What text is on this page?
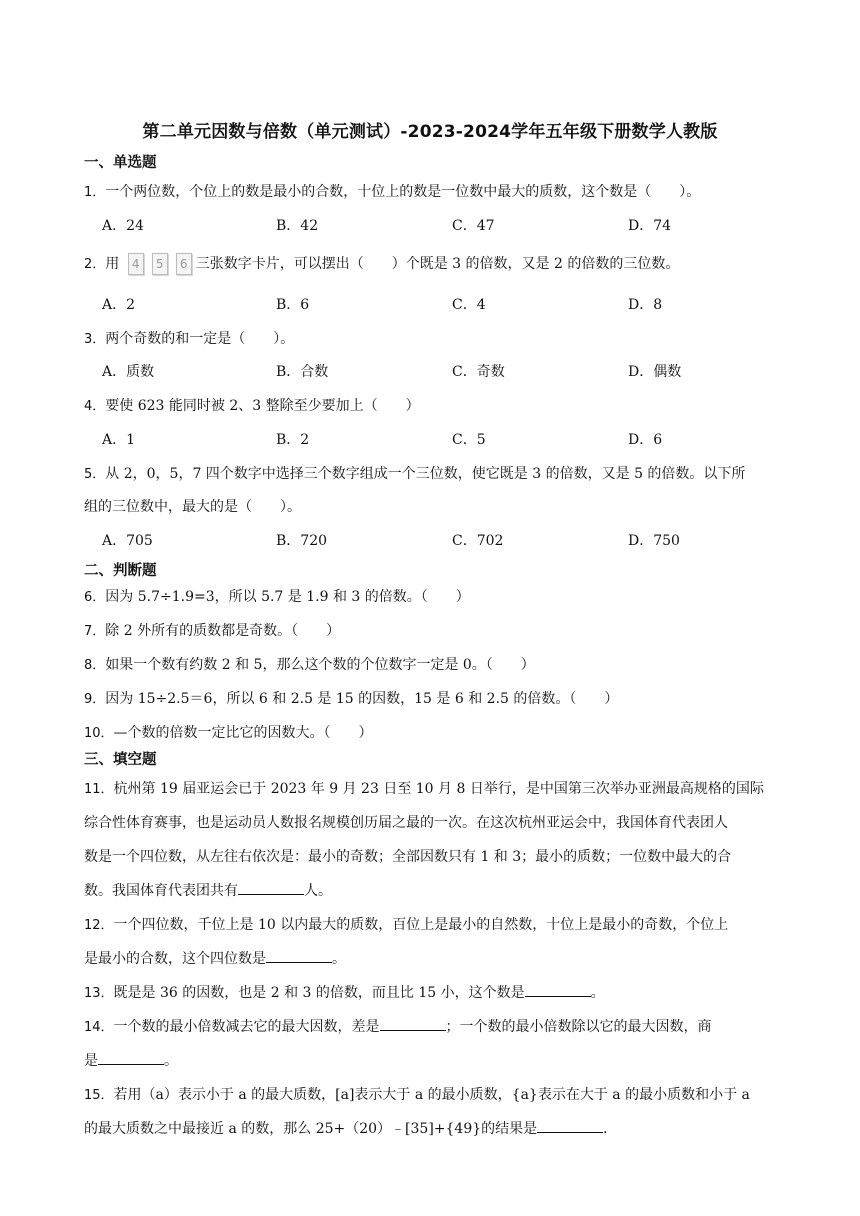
第二单元因数与倍数（单元测试）-2023-2024学年五年级下册数学人教版
一、单选题
1．一个两位数，个位上的数是最小的合数，十位上的数是一位数中最大的质数，这个数是（　　）。
A．24	B．42	C．47	D．74
2．用 4 5 6 三张数字卡片，可以摆出（　　）个既是 3 的倍数，又是 2 的倍数的三位数。
A．2	B．6	C．4	D．8
3．两个奇数的和一定是（　　）。
A．质数	B．合数	C．奇数	D．偶数
4．要使 623 能同时被 2、3 整除至少要加上（　　）
A．1	B．2	C．5	D．6
5．从 2，0，5，7 四个数字中选择三个数字组成一个三位数，使它既是 3 的倍数，又是 5 的倍数。以下所
组的三位数中，最大的是（　　）。
A．705	B．720	C．702	D．750
二、判断题
6．因为 5.7÷1.9=3，所以 5.7 是 1.9 和 3 的倍数。（　　）
7．除 2 外所有的质数都是奇数。（　　）
8．如果一个数有约数 2 和 5，那么这个数的个位数字一定是 0。（　　）
9．因为 15÷2.5＝6，所以 6 和 2.5 是 15 的因数，15 是 6 和 2.5 的倍数。（　　）
10．—个数的倍数一定比它的因数大。（　　）
三、填空题
11．杭州第 19 届亚运会已于 2023 年 9 月 23 日至 10 月 8 日举行，是中国第三次举办亚洲最高规格的国际
综合性体育赛事，也是运动员人数报名规模创历届之最的一次。在这次杭州亚运会中，我国体育代表团人
数是一个四位数，从左往右依次是：最小的奇数；全部因数只有 1 和 3；最小的质数；一位数中最大的合
数。我国体育代表团共有	人。
12．一个四位数，千位上是 10 以内最大的质数，百位上是最小的自然数，十位上是最小的奇数，个位上
是最小的合数，这个四位数是	。
13．既是是 36 的因数，也是 2 和 3 的倍数，而且比 15 小，这个数是	。
14．一个数的最小倍数减去它的最大因数，差是	；一个数的最小倍数除以它的最大因数，商
是	。
15．若用（a）表示小于 a 的最大质数，[a]表示大于 a 的最小质数，{a}表示在大于 a 的最小质数和小于 a
的最大质数之中最接近 a 的数，那么 25+（20）﹣[35]+{49}的结果是	．
